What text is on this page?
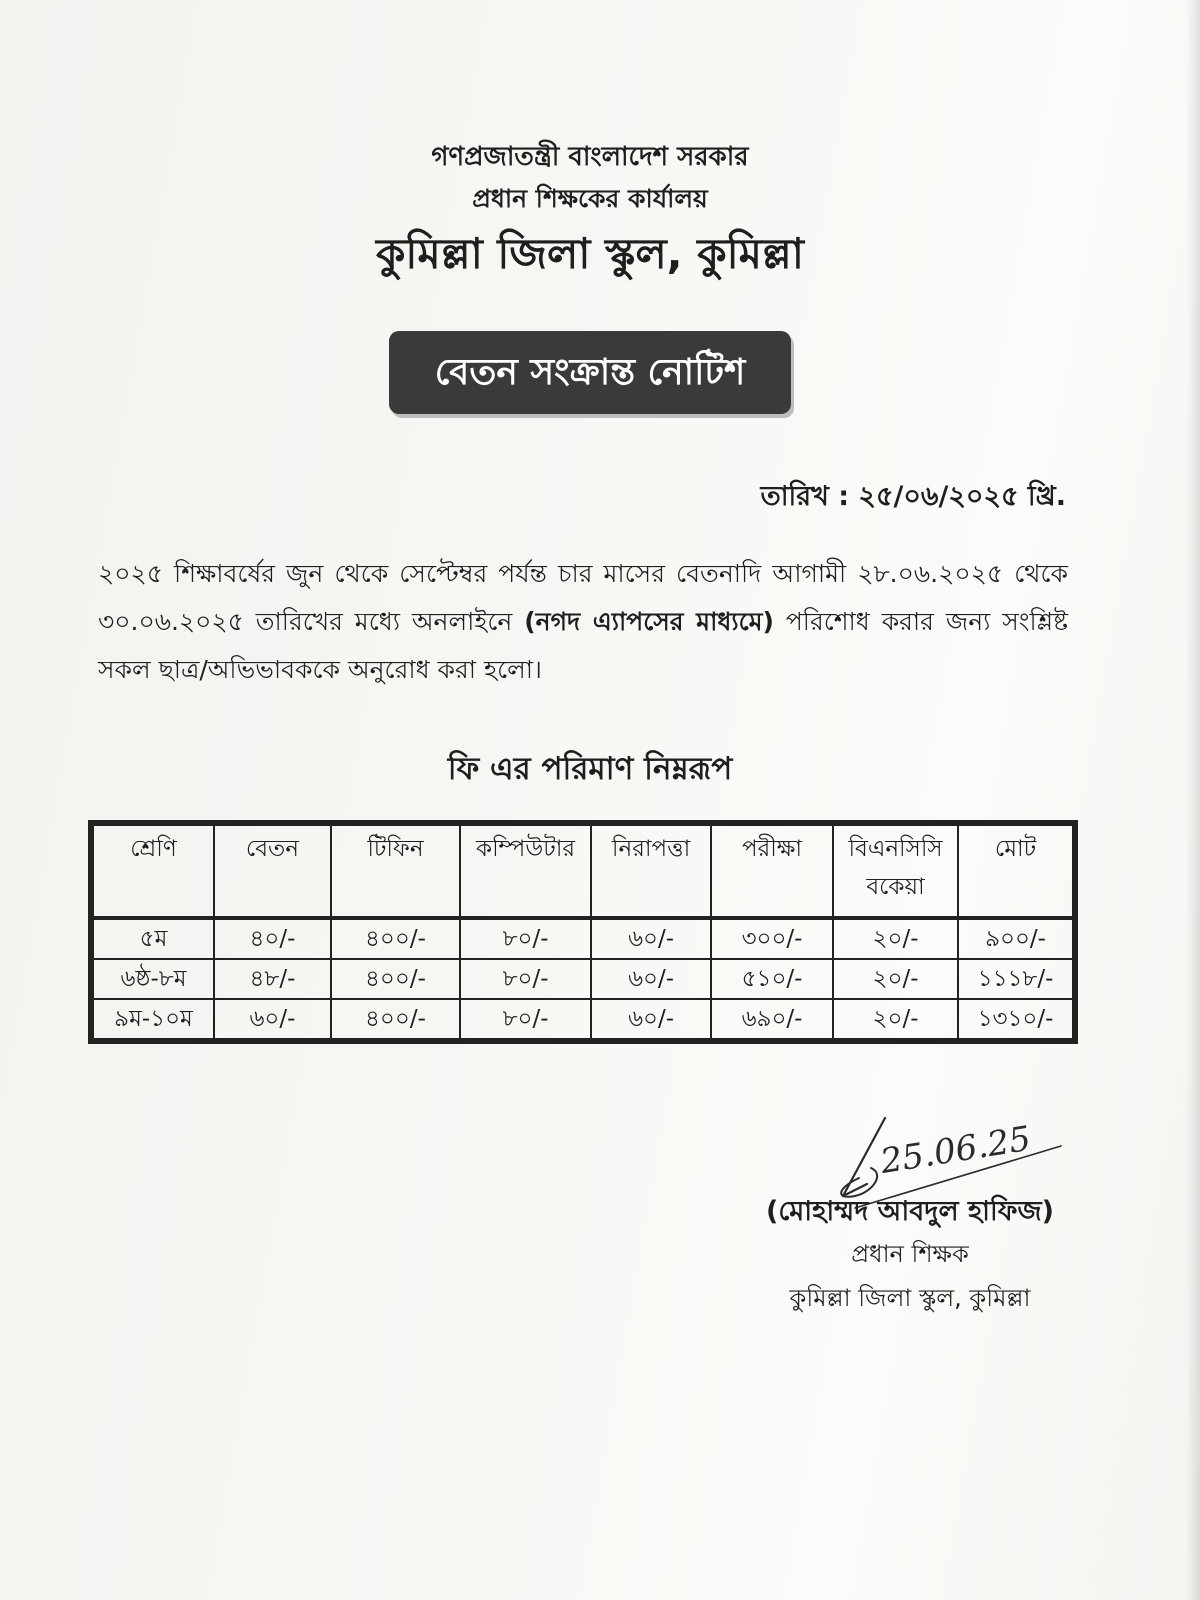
গণপ্রজাতন্ত্রী বাংলাদেশ সরকার

প্রধান শিক্ষকের কার্যালয়

কুমিল্লা জিলা স্কুল, কুমিল্লা

বেতন সংক্রান্ত নোটিশ
তারিখ : ২৫/০৬/২০২৫ খ্রি.
২০২৫ শিক্ষাবর্ষের জুন থেকে সেপ্টেম্বর পর্যন্ত চার মাসের বেতনাদি আগামী ২৮.০৬.২০২৫ থেকে ৩০.০৬.২০২৫ তারিখের মধ্যে অনলাইনে (নগদ এ্যাপসের মাধ্যমে) পরিশোধ করার জন্য সংশ্লিষ্ট সকল ছাত্র/অভিভাবককে অনুরোধ করা হলো।
ফি এর পরিমাণ নিম্নরূপ
শ্রেণি	বেতন	টিফিন	কম্পিউটার	নিরাপত্তা	পরীক্ষা	বিএনসিসি বকেয়া	মোট
৫ম	৪০/-	৪০০/-	৮০/-	৬০/-	৩০০/-	২০/-	৯০০/-
৬ষ্ঠ-৮ম	৪৮/-	৪০০/-	৮০/-	৬০/-	৫১০/-	২০/-	১১১৮/-
৯ম-১০ম	৬০/-	৪০০/-	৮০/-	৬০/-	৬৯০/-	২০/-	১৩১০/-
25.06.25
(মোহাম্মদ আবদুল হাফিজ)
প্রধান শিক্ষক
কুমিল্লা জিলা স্কুল, কুমিল্লা
